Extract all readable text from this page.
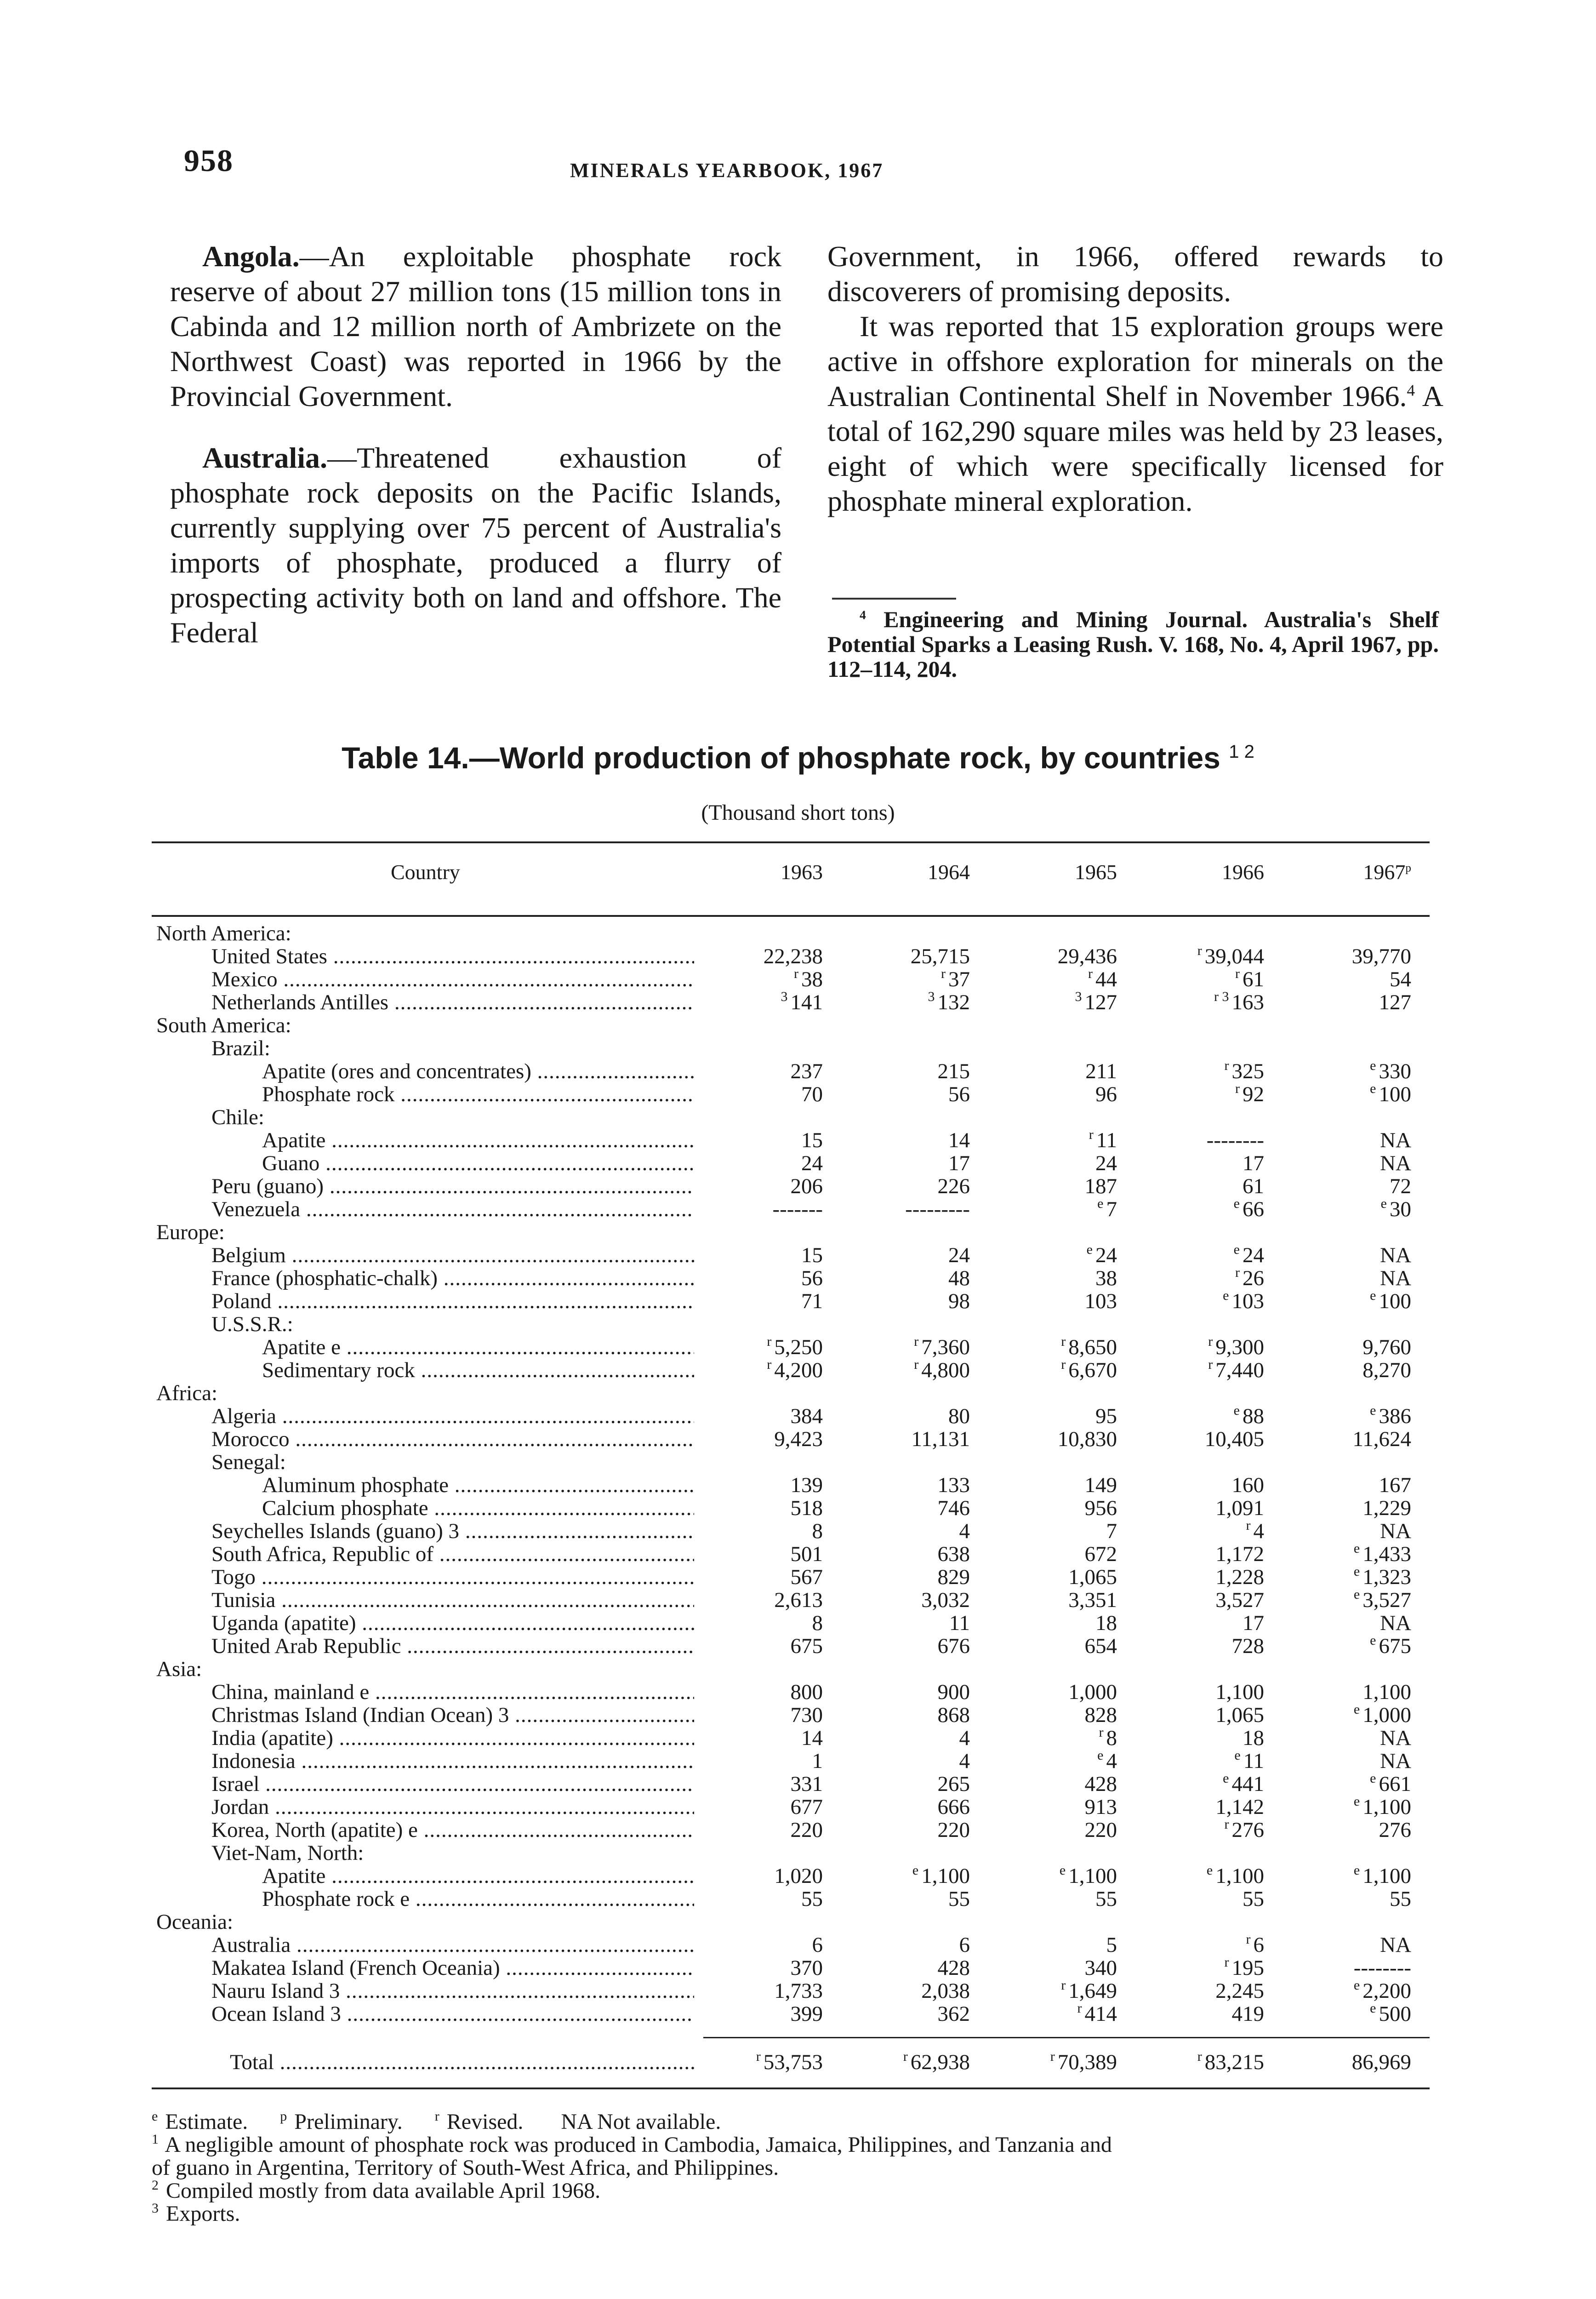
958	MINERALS YEARBOOK, 1967

Angola.—An exploitable phosphate rock reserve of about 27 million tons (15 million tons in Cabinda and 12 million north of Ambrizete on the Northwest Coast) was reported in 1966 by the Provincial Government.

Australia.—Threatened exhaustion of phosphate rock deposits on the Pacific Islands, currently supplying over 75 percent of Australia's imports of phosphate, produced a flurry of prospecting activity both on land and offshore. The Federal

Government, in 1966, offered rewards to discoverers of promising deposits.

It was reported that 15 exploration groups were active in offshore exploration for minerals on the Australian Continental Shelf in November 1966.$^4$ A total of 162,290 square miles was held by 23 leases, eight of which were specifically licensed for phosphate mineral exploration.

$^4$ Engineering and Mining Journal. Australia's Shelf Potential Sparks a Leasing Rush. V. 168, No. 4, April 1967, pp. 112–114, 204.
Table 14.—World production of phosphate rock, by countries $^{1 2}$
(Thousand short tons)
Country	1963	1964	1965	1966	1967$^p$
North America:
United States .....	22,238	25,715	29,436	$^r$ 39,044	39,770
Mexico .....	$^r$ 38	$^r$ 37	$^r$ 44	$^r$ 61	54
Netherlands Antilles .....	$^3$ 141	$^3$ 132	$^3$ 127	$^{r 3}$ 163	127
South America:
Brazil:
Apatite (ores and concentrates) .....	237	215	211	$^r$ 325	$^e$ 330
Phosphate rock .....	70	56	96	$^r$ 92	$^e$ 100
Chile:
Apatite .....	15	14	$^r$ 11	--------	NA
Guano .....	24	17	24	17	NA
Peru (guano) .....	206	226	187	61	72
Venezuela .....	-------	---------	$^e$ 7	$^e$ 66	$^e$ 30
Europe:
Belgium .....	15	24	$^e$ 24	$^e$ 24	NA
France (phosphatic-chalk) .....	56	48	38	$^r$ 26	NA
Poland .....	71	98	103	$^e$ 103	$^e$ 100
U.S.S.R.:
Apatite e .....	$^r$ 5,250	$^r$ 7,360	$^r$ 8,650	$^r$ 9,300	9,760
Sedimentary rock .....	$^r$ 4,200	$^r$ 4,800	$^r$ 6,670	$^r$ 7,440	8,270
Africa:
Algeria .....	384	80	95	$^e$ 88	$^e$ 386
Morocco .....	9,423	11,131	10,830	10,405	11,624
Senegal:
Aluminum phosphate .....	139	133	149	160	167
Calcium phosphate .....	518	746	956	1,091	1,229
Seychelles Islands (guano) 3 .....	8	4	7	$^r$ 4	NA
South Africa, Republic of .....	501	638	672	1,172	$^e$ 1,433
Togo .....	567	829	1,065	1,228	$^e$ 1,323
Tunisia .....	2,613	3,032	3,351	3,527	$^e$ 3,527
Uganda (apatite) .....	8	11	18	17	NA
United Arab Republic .....	675	676	654	728	$^e$ 675
Asia:
China, mainland e .....	800	900	1,000	1,100	1,100
Christmas Island (Indian Ocean) 3 .....	730	868	828	1,065	$^e$ 1,000
India (apatite) .....	14	4	$^r$ 8	18	NA
Indonesia .....	1	4	$^e$ 4	$^e$ 11	NA
Israel .....	331	265	428	$^e$ 441	$^e$ 661
Jordan .....	677	666	913	1,142	$^e$ 1,100
Korea, North (apatite) e .....	220	220	220	$^r$ 276	276
Viet-Nam, North:
Apatite .....	1,020	$^e$ 1,100	$^e$ 1,100	$^e$ 1,100	$^e$ 1,100
Phosphate rock e .....	55	55	55	55	55
Oceania:
Australia .....	6	6	5	$^r$ 6	NA
Makatea Island (French Oceania) .....	370	428	340	$^r$ 195	--------
Nauru Island 3 .....	1,733	2,038	$^r$ 1,649	2,245	$^e$ 2,200
Ocean Island 3 .....	399	362	$^r$ 414	419	$^e$ 500
Total .....	$^r$ 53,753	$^r$ 62,938	$^r$ 70,389	$^r$ 83,215	86,969
$^e$ Estimate. $^p$ Preliminary. $^r$ Revised. NA Not available.
$^1$ A negligible amount of phosphate rock was produced in Cambodia, Jamaica, Philippines, and Tanzania and
of guano in Argentina, Territory of South-West Africa, and Philippines.
$^2$ Compiled mostly from data available April 1968.
$^3$ Exports.
